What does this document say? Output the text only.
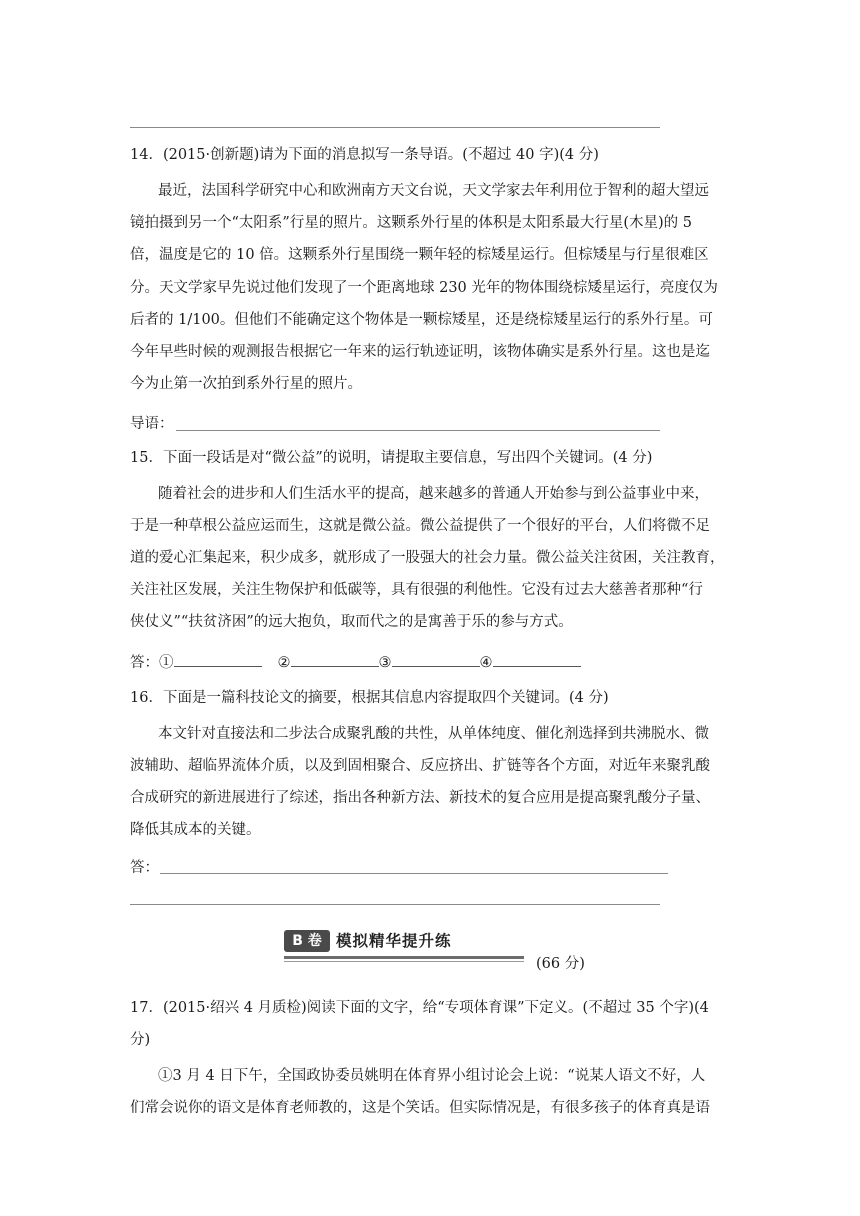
14．(2015·创新题)请为下面的消息拟写一条导语。(不超过 40 字)(4 分)
最近，法国科学研究中心和欧洲南方天文台说，天文学家去年利用位于智利的超大望远
镜拍摄到另一个“太阳系”行星的照片。这颗系外行星的体积是太阳系最大行星(木星)的 5
倍，温度是它的 10 倍。这颗系外行星围绕一颗年轻的棕矮星运行。但棕矮星与行星很难区
分。天文学家早先说过他们发现了一个距离地球 230 光年的物体围绕棕矮星运行，亮度仅为
后者的 1/100。但他们不能确定这个物体是一颗棕矮星，还是绕棕矮星运行的系外行星。可
今年早些时候的观测报告根据它一年来的运行轨迹证明，该物体确实是系外行星。这也是迄
今为止第一次拍到系外行星的照片。
导语：
15．下面一段话是对“微公益”的说明，请提取主要信息，写出四个关键词。(4 分)
随着社会的进步和人们生活水平的提高，越来越多的普通人开始参与到公益事业中来，
于是一种草根公益应运而生，这就是微公益。微公益提供了一个很好的平台，人们将微不足
道的爱心汇集起来，积少成多，就形成了一股强大的社会力量。微公益关注贫困，关注教育，
关注社区发展，关注生物保护和低碳等，具有很强的利他性。它没有过去大慈善者那种“行
侠仗义”“扶贫济困”的远大抱负，取而代之的是寓善于乐的参与方式。
答：①	②	③	④
16．下面是一篇科技论文的摘要，根据其信息内容提取四个关键词。(4 分)
本文针对直接法和二步法合成聚乳酸的共性，从单体纯度、催化剂选择到共沸脱水、微
波辅助、超临界流体介质，以及到固相聚合、反应挤出、扩链等各个方面，对近年来聚乳酸
合成研究的新进展进行了综述，指出各种新方法、新技术的复合应用是提高聚乳酸分子量、
降低其成本的关键。
答：
B 卷 模拟精华提升练
(66 分)
17．(2015·绍兴 4 月质检)阅读下面的文字，给“专项体育课”下定义。(不超过 35 个字)(4
分)
①3 月 4 日下午，全国政协委员姚明在体育界小组讨论会上说：“说某人语文不好，人
们常会说你的语文是体育老师教的，这是个笑话。但实际情况是，有很多孩子的体育真是语
